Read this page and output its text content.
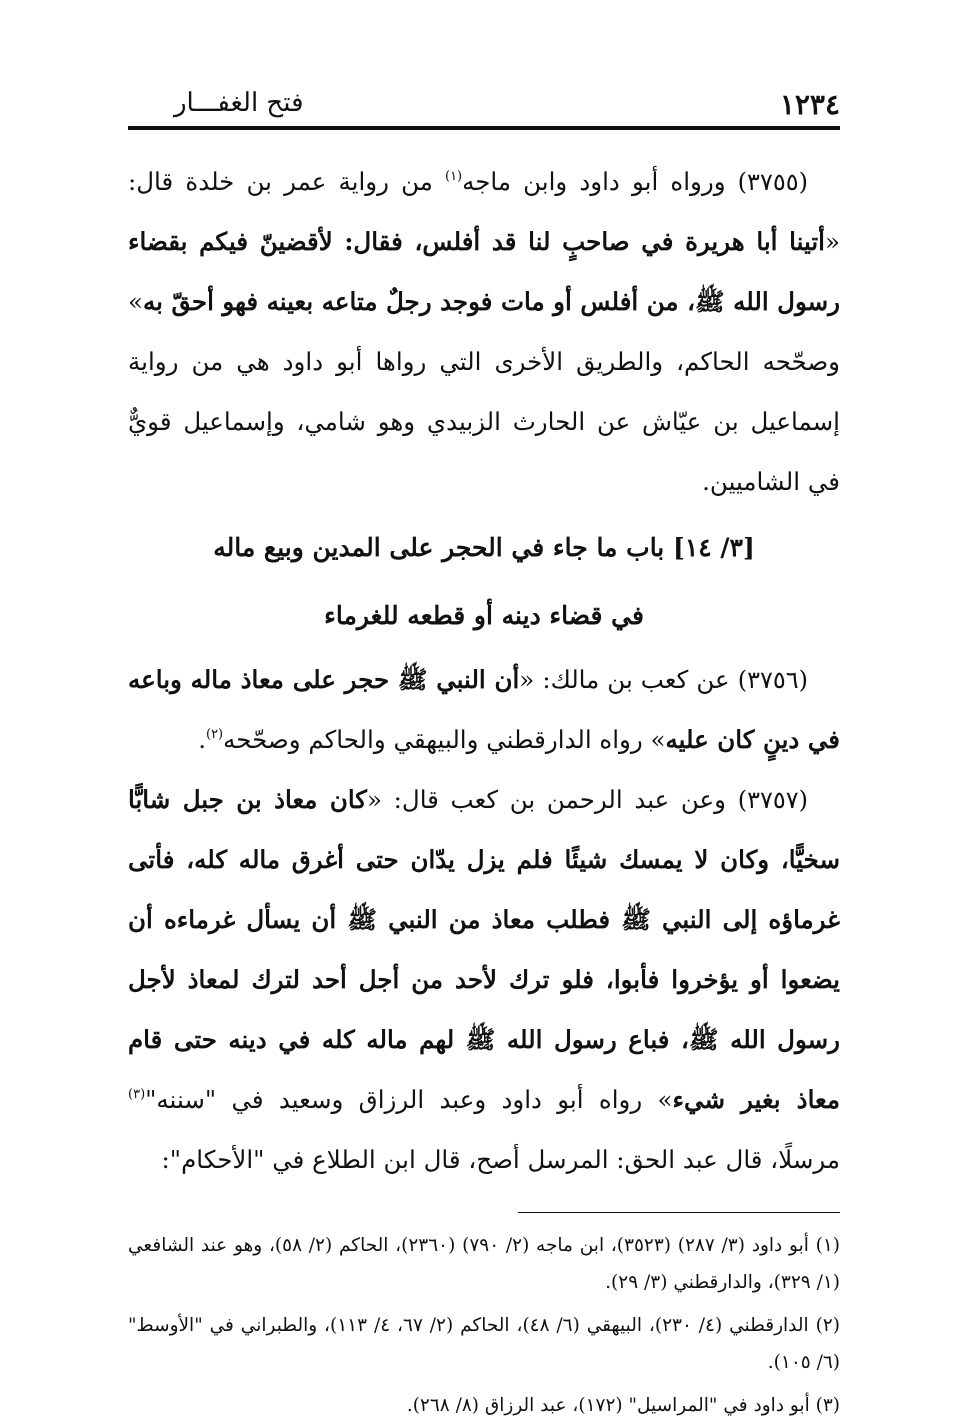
١٢٣٤
فتح الغفـــار

(٣٧٥٥) ورواه أبو داود وابن ماجه$^{(١)}$ من رواية عمر بن خلدة قال: «أتينا أبا هريرة في صاحبٍ لنا قد أفلس، فقال: لأقضينّ فيكم بقضاء رسول الله ﷺ، من أفلس أو مات فوجد رجلٌ متاعه بعينه فهو أحقّ به» وصحّحه الحاكم، والطريق الأخرى التي رواها أبو داود هي من رواية إسماعيل بن عيّاش عن الحارث الزبيدي وهو شامي، وإسماعيل قويٌّ في الشاميين.

[٣/ ١٤] باب ما جاء في الحجر على المدين وبيع ماله
في قضاء دينه أو قطعه للغرماء

(٣٧٥٦) عن كعب بن مالك: «أن النبي ﷺ حجر على معاذ ماله وباعه في دينٍ كان عليه» رواه الدارقطني والبيهقي والحاكم وصحّحه$^{(٢)}$.

(٣٧٥٧) وعن عبد الرحمن بن كعب قال: «كان معاذ بن جبل شابًّا سخيًّا، وكان لا يمسك شيئًا فلم يزل يدّان حتى أغرق ماله كله، فأتى غرماؤه إلى النبي ﷺ فطلب معاذ من النبي ﷺ أن يسأل غرماءه أن يضعوا أو يؤخروا فأبوا، فلو ترك لأحد من أجل أحد لترك لمعاذ لأجل رسول الله ﷺ، فباع رسول الله ﷺ لهم ماله كله في دينه حتى قام معاذ بغير شيء» رواه أبو داود وعبد الرزاق وسعيد في "سننه"$^{(٣)}$ مرسلًا، قال عبد الحق: المرسل أصح، قال ابن الطلاع في "الأحكام":

(١) أبو داود (٣/ ٢٨٧) (٣٥٢٣)، ابن ماجه (٢/ ٧٩٠) (٢٣٦٠)، الحاكم (٢/ ٥٨)، وهو عند الشافعي (١/ ٣٢٩)، والدارقطني (٣/ ٢٩).

(٢) الدارقطني (٤/ ٢٣٠)، البيهقي (٦/ ٤٨)، الحاكم (٢/ ٦٧، ٤/ ١١٣)، والطبراني في "الأوسط" (٦/ ١٠٥).

(٣) أبو داود في "المراسيل" (١٧٢)، عبد الرزاق (٨/ ٢٦٨).
